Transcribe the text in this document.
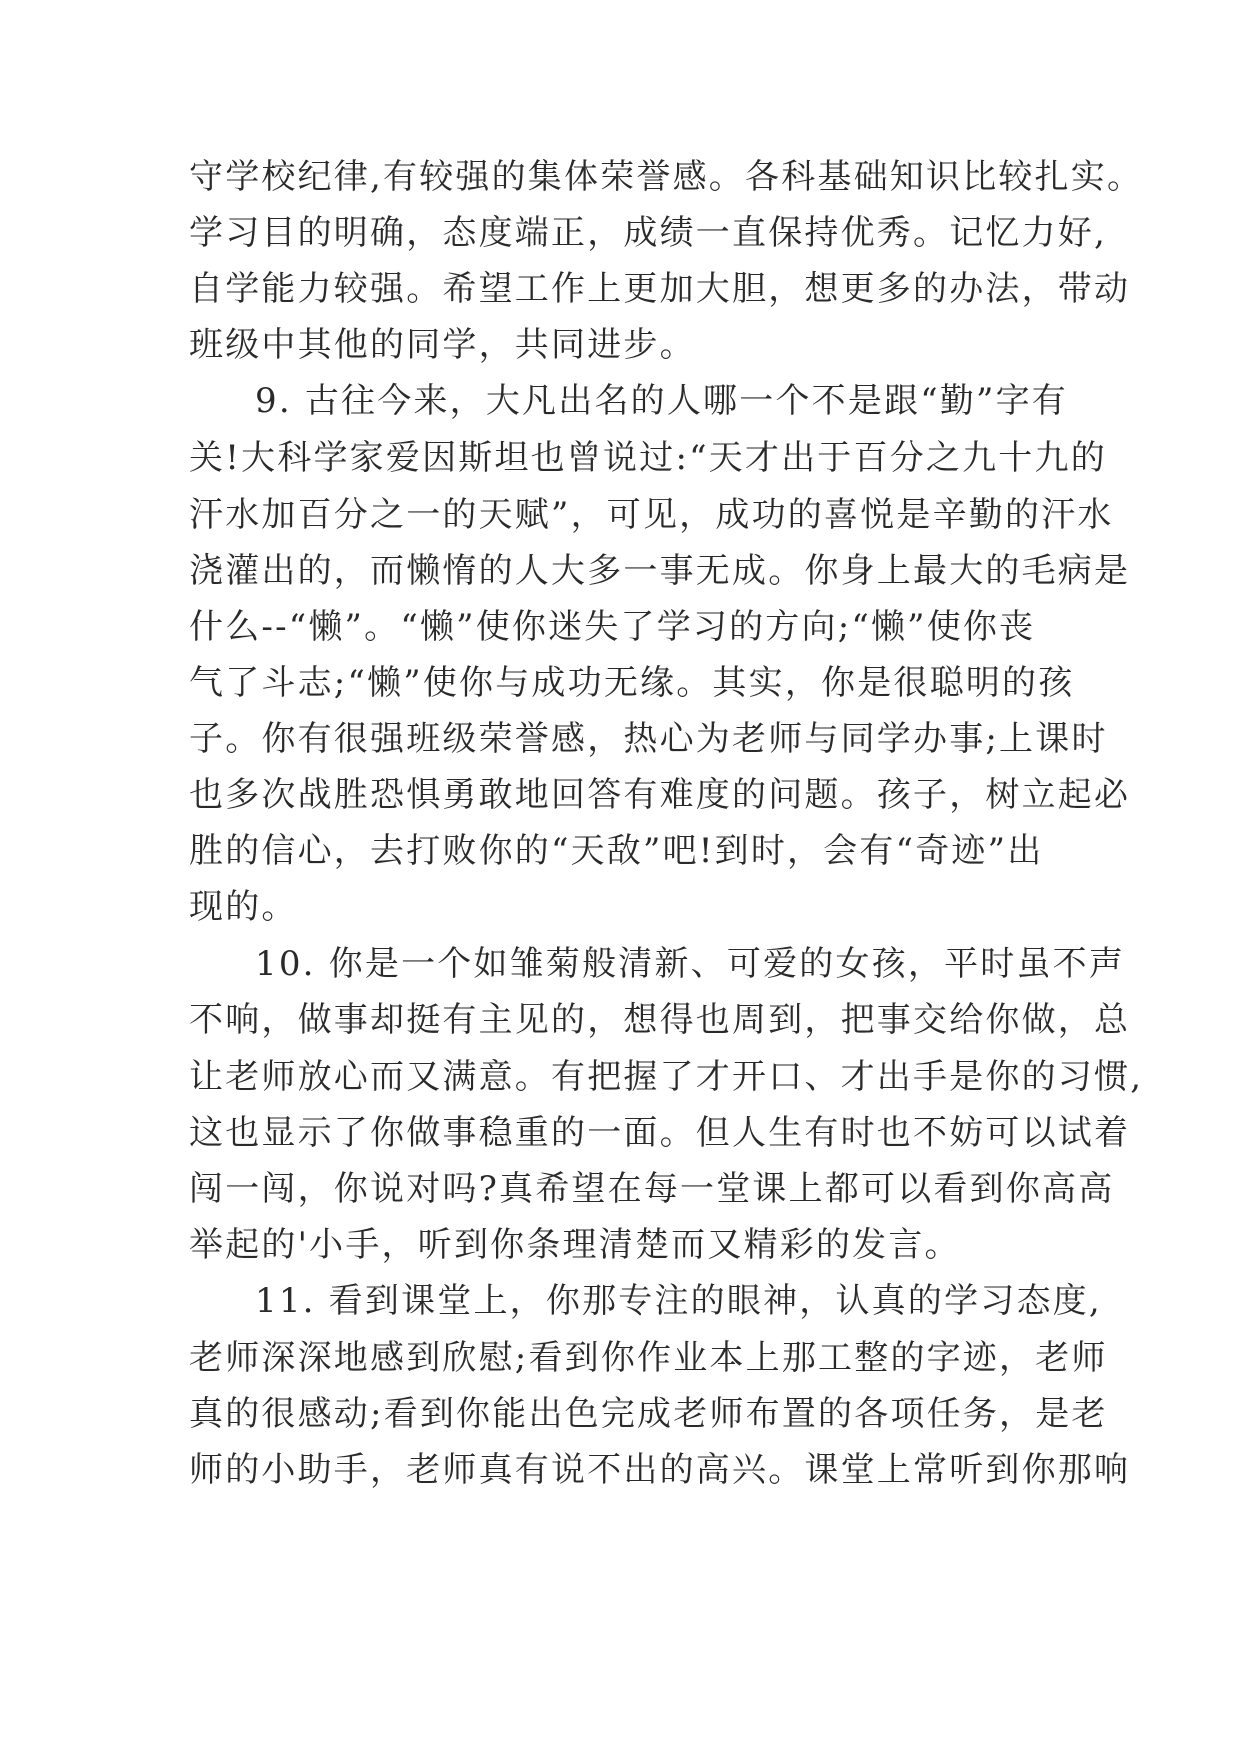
守学校纪律,有较强的集体荣誉感。各科基础知识比较扎实。
学习目的明确，态度端正，成绩一直保持优秀。记忆力好,
自学能力较强。希望工作上更加大胆，想更多的办法，带动
班级中其他的同学，共同进步。
9. 古往今来，大凡出名的人哪一个不是跟“勤”字有
关!大科学家爱因斯坦也曾说过:“天才出于百分之九十九的
汗水加百分之一的天赋”，可见，成功的喜悦是辛勤的汗水
浇灌出的，而懒惰的人大多一事无成。你身上最大的毛病是
什么--“懒”。“懒”使你迷失了学习的方向;“懒”使你丧
气了斗志;“懒”使你与成功无缘。其实，你是很聪明的孩
子。你有很强班级荣誉感，热心为老师与同学办事;上课时
也多次战胜恐惧勇敢地回答有难度的问题。孩子，树立起必
胜的信心，去打败你的“天敌”吧!到时，会有“奇迹”出
现的。
10. 你是一个如雏菊般清新、可爱的女孩，平时虽不声
不响，做事却挺有主见的，想得也周到，把事交给你做，总
让老师放心而又满意。有把握了才开口、才出手是你的习惯,
这也显示了你做事稳重的一面。但人生有时也不妨可以试着
闯一闯，你说对吗?真希望在每一堂课上都可以看到你高高
举起的'小手，听到你条理清楚而又精彩的发言。
11. 看到课堂上，你那专注的眼神，认真的学习态度,
老师深深地感到欣慰;看到你作业本上那工整的字迹，老师
真的很感动;看到你能出色完成老师布置的各项任务，是老
师的小助手，老师真有说不出的高兴。课堂上常听到你那响
